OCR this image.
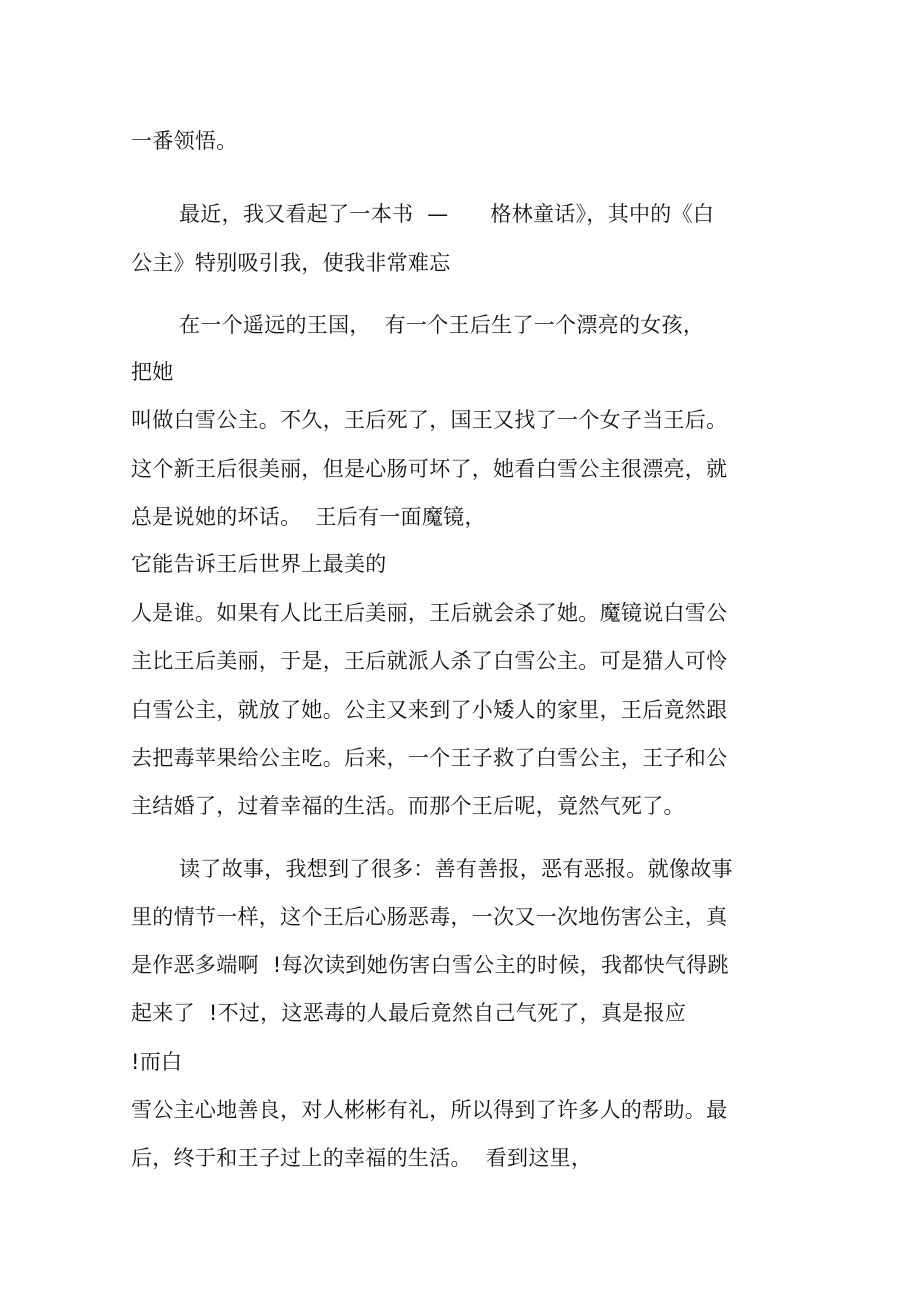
一番领悟。
最近，我又看起了一本书  —      格林童话》，其中的《白
公主》特别吸引我，使我非常难忘
在一个遥远的王国，  有一个王后生了一个漂亮的女孩，
把她
叫做白雪公主。不久，王后死了，国王又找了一个女子当王后。
这个新王后很美丽，但是心肠可坏了，她看白雪公主很漂亮，就
总是说她的坏话。  王后有一面魔镜，
它能告诉王后世界上最美的
人是谁。如果有人比王后美丽，王后就会杀了她。魔镜说白雪公
主比王后美丽，于是，王后就派人杀了白雪公主。可是猎人可怜
白雪公主，就放了她。公主又来到了小矮人的家里，王后竟然跟
去把毒苹果给公主吃。后来，一个王子救了白雪公主，王子和公
主结婚了，过着幸福的生活。而那个王后呢，竟然气死了。
读了故事，我想到了很多：善有善报，恶有恶报。就像故事
里的情节一样，这个王后心肠恶毒，一次又一次地伤害公主，真
是作恶多端啊  !每次读到她伤害白雪公主的时候，我都快气得跳
起来了  !不过，这恶毒的人最后竟然自己气死了，真是报应
!而白
雪公主心地善良，对人彬彬有礼，所以得到了许多人的帮助。最
后，终于和王子过上的幸福的生活。  看到这里，
